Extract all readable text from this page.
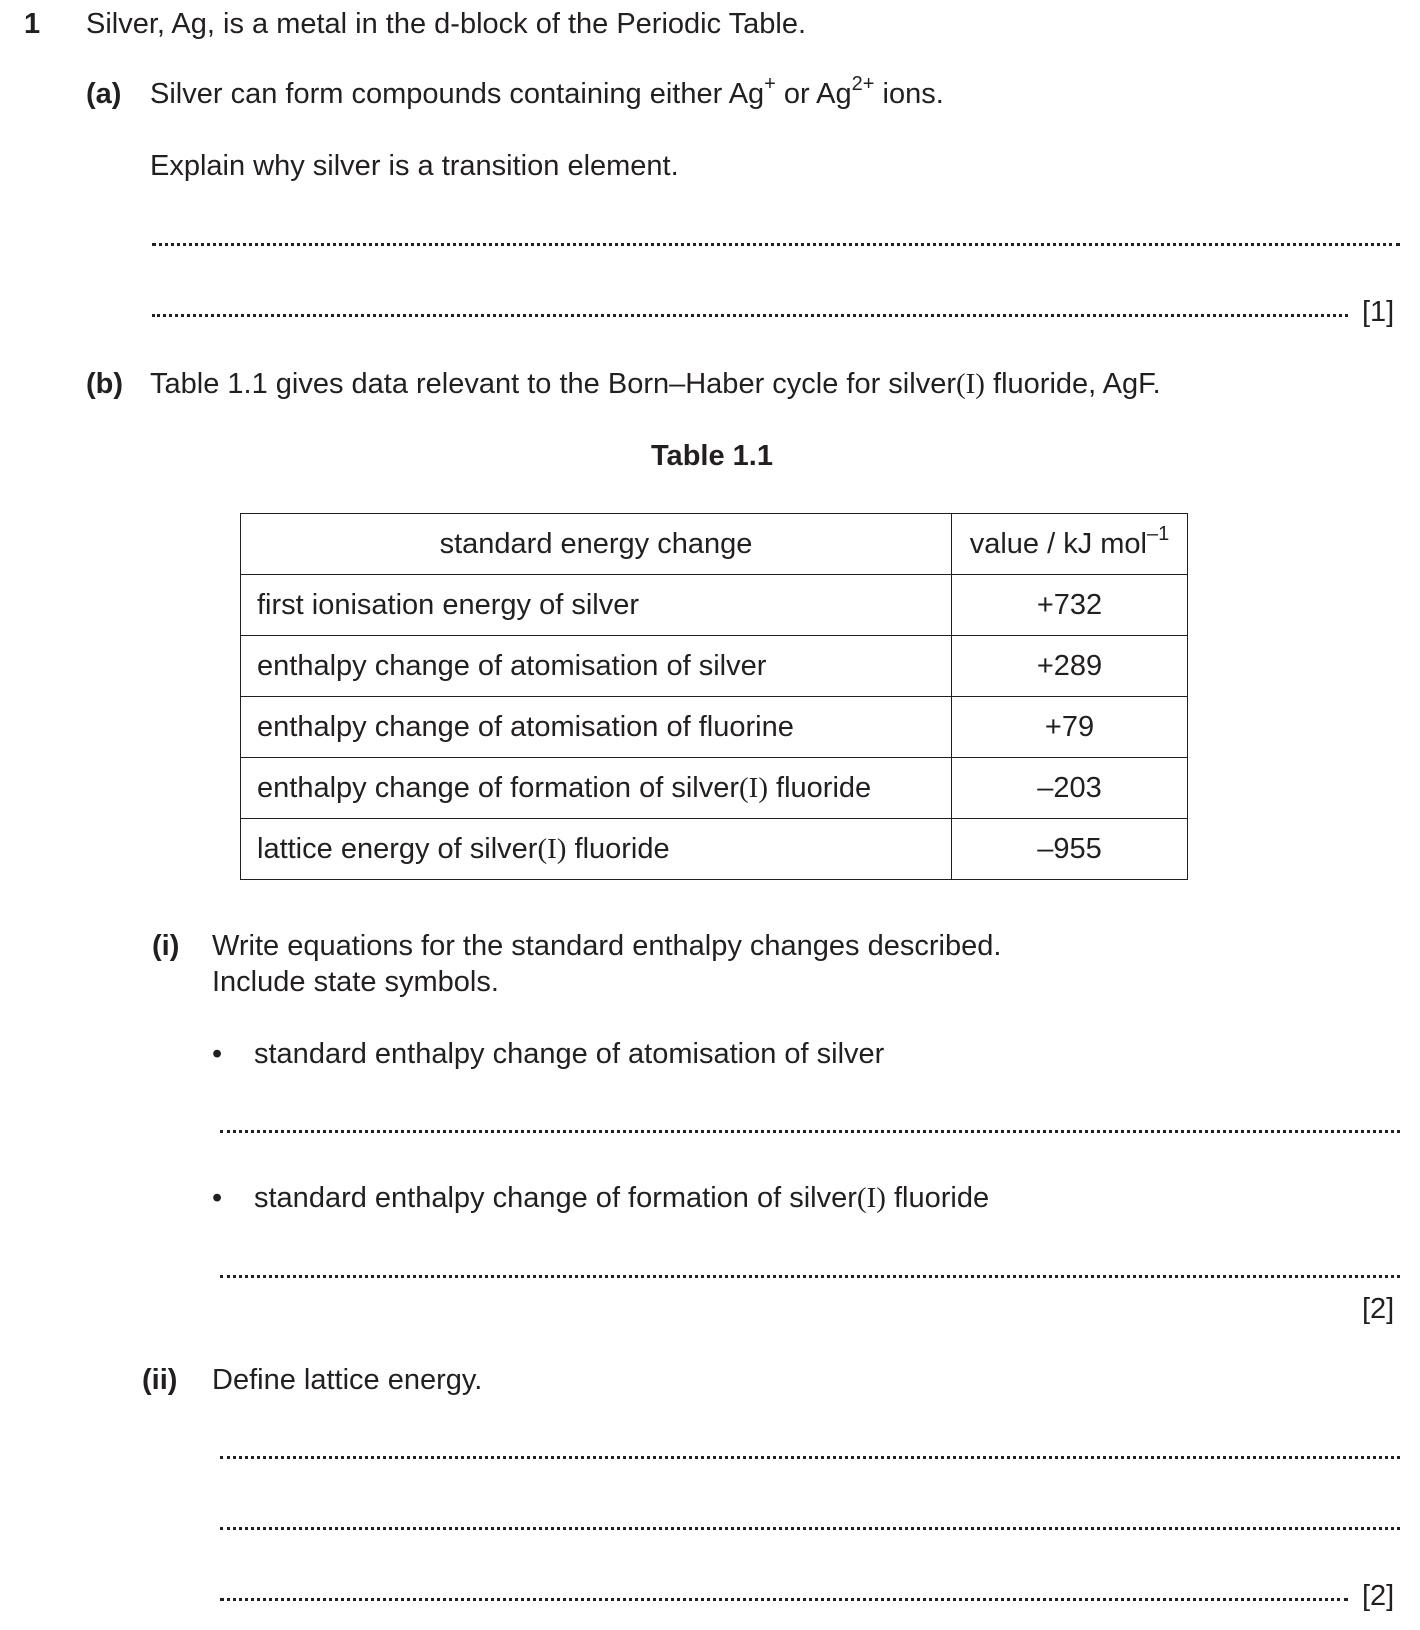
1 Silver, Ag, is a metal in the d-block of the Periodic Table.
(a) Silver can form compounds containing either Ag+ or $Ag^{2+}$ ions.
Explain why silver is a transition element.
[1]
(b) Table 1.1 gives data relevant to the Born–Haber cycle for silver(I) fluoride, AgF.
Table 1.1
standard energy change	value / kJ mol$^{-1}$
first ionisation energy of silver	+732
enthalpy change of atomisation of silver	+289
enthalpy change of atomisation of fluorine	+79
enthalpy change of formation of silver(I) fluoride	–203
lattice energy of silver(I) fluoride	–955
(i) Write equations for the standard enthalpy changes described.
Include state symbols.
• standard enthalpy change of atomisation of silver
• standard enthalpy change of formation of silver(I) fluoride
[2]
(ii) Define lattice energy.
[2]
